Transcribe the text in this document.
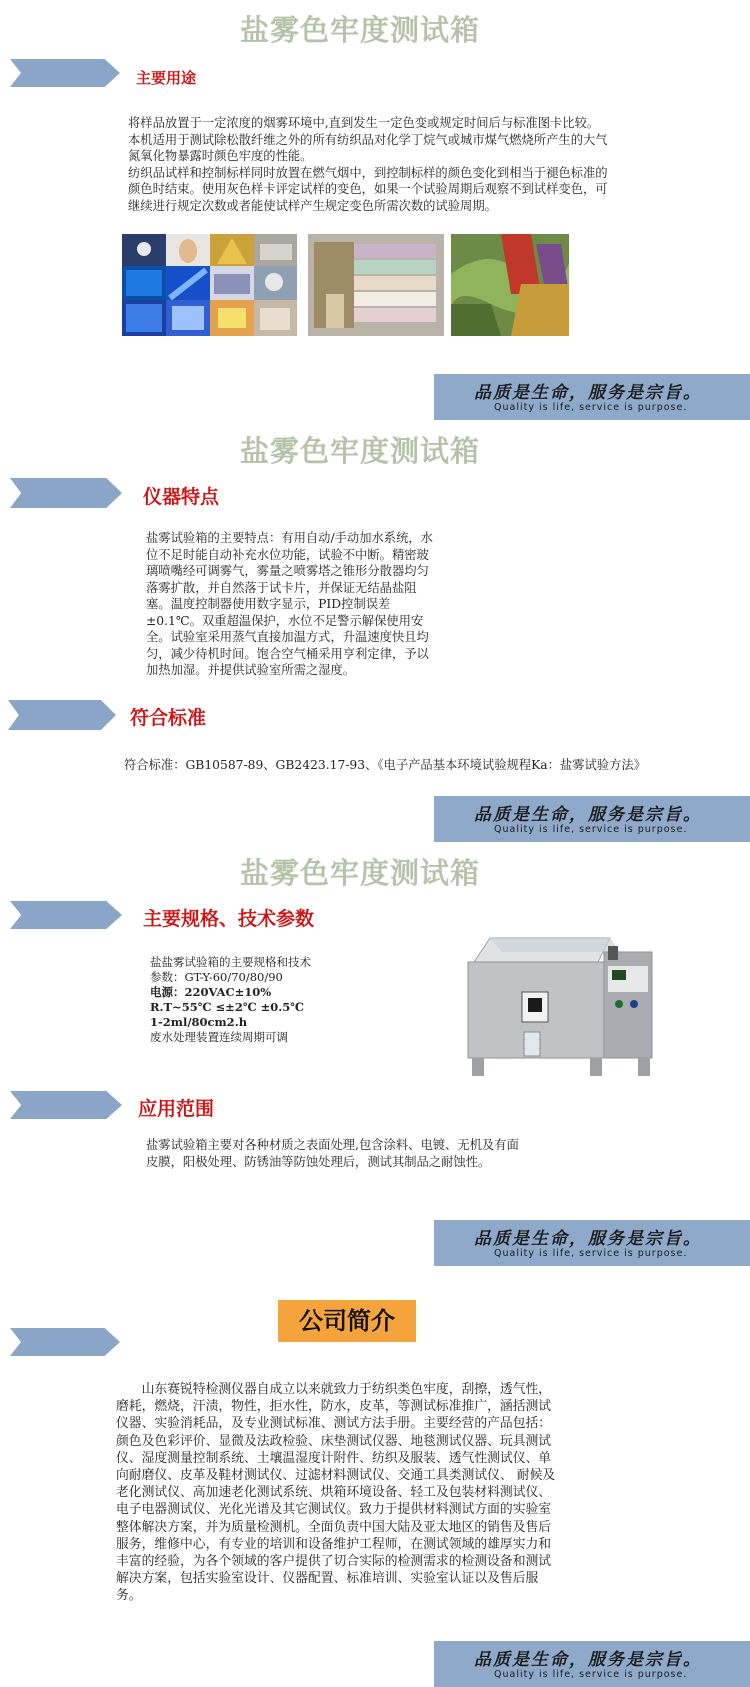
盐雾色牢度测试箱
主要用途

将样品放置于一定浓度的烟雾环境中,直到发生一定色变或规定时间后与标准图卡比较。

本机适用于测试除松散纤维之外的所有纺织品对化学丁烷气或城市煤气燃烧所产生的大气氮氧化物暴露时颜色牢度的性能。

纺织品试样和控制标样同时放置在燃气烟中，到控制标样的颜色变化到相当于褪色标准的颜色时结束。使用灰色样卡评定试样的变色，如果一个试验周期后观察不到试样变色，可继续进行规定次数或者能使试样产生规定变色所需次数的试验周期。

品质是生命，服务是宗旨。
Quality is life, service is purpose.
盐雾色牢度测试箱
仪器特点

盐雾试验箱的主要特点：有用自动/手动加水系统，水位不足时能自动补充水位功能，试验不中断。精密玻璃喷嘴经可调雾气，雾量之喷雾塔之锥形分散器均匀落雾扩散，并自然落于试卡片，并保证无结晶盐阻塞。温度控制器使用数字显示，PID控制误差±0.1℃。双重超温保护，水位不足警示解保使用安全。试验室采用蒸气直接加温方式，升温速度快且均匀，减少待机时间。饱合空气桶采用亨利定律，予以加热加湿。并提供试验室所需之湿度。

符合标准
符合标准：GB10587-89、GB2423.17-93、《电子产品基本环境试验规程Ka：盐雾试验方法》
品质是生命，服务是宗旨。
Quality is life, service is purpose.
盐雾色牢度测试箱
主要规格、技术参数

盐盐雾试验箱的主要规格和技术

参数：GT-Y-60/70/80/90

电源：220VAC±10%

R.T~55℃ ≤±2℃ ±0.5℃

1-2ml/80cm2.h

废水处理装置连续周期可调

应用范围

盐雾试验箱主要对各种材质之表面处理,包含涂料、电镀、无机及有面

皮膜，阳极处理、防锈油等防蚀处理后，测试其制品之耐蚀性。

品质是生命，服务是宗旨。
Quality is life, service is purpose.
公司简介
山东赛锐特检测仪器自成立以来就致力于纺织类色牢度，刮擦，透气性，磨耗，燃烧，汗渍，物性，拒水性，防水，皮革，等测试标准推广，涵括测试仪器、实验消耗品，及专业测试标准、测试方法手册。主要经营的产品包括：颜色及色彩评价、显微及法政检验、床垫测试仪器、地毯测试仪器、玩具测试仪、湿度测量控制系统、土壤温湿度计附件、纺织及服装、透气性测试仪、单向耐磨仪、皮革及鞋材测试仪、过滤材料测试仪、交通工具类测试仪、 耐候及老化测试仪、高加速老化测试系统、烘箱环境设备、轻工及包装材料测试仪、电子电器测试仪、光化光谱及其它测试仪。致力于提供材料测试方面的实验室整体解决方案，并为质量检测机。全面负责中国大陆及亚太地区的销售及售后服务，维修中心，有专业的培训和设备维护工程师，在测试领域的雄厚实力和丰富的经验，为各个领域的客户提供了切合实际的检测需求的检测设备和测试解决方案，包括实验室设计、仪器配置、标准培训、实验室认证以及售后服务。
品质是生命，服务是宗旨。
Quality is life, service is purpose.
